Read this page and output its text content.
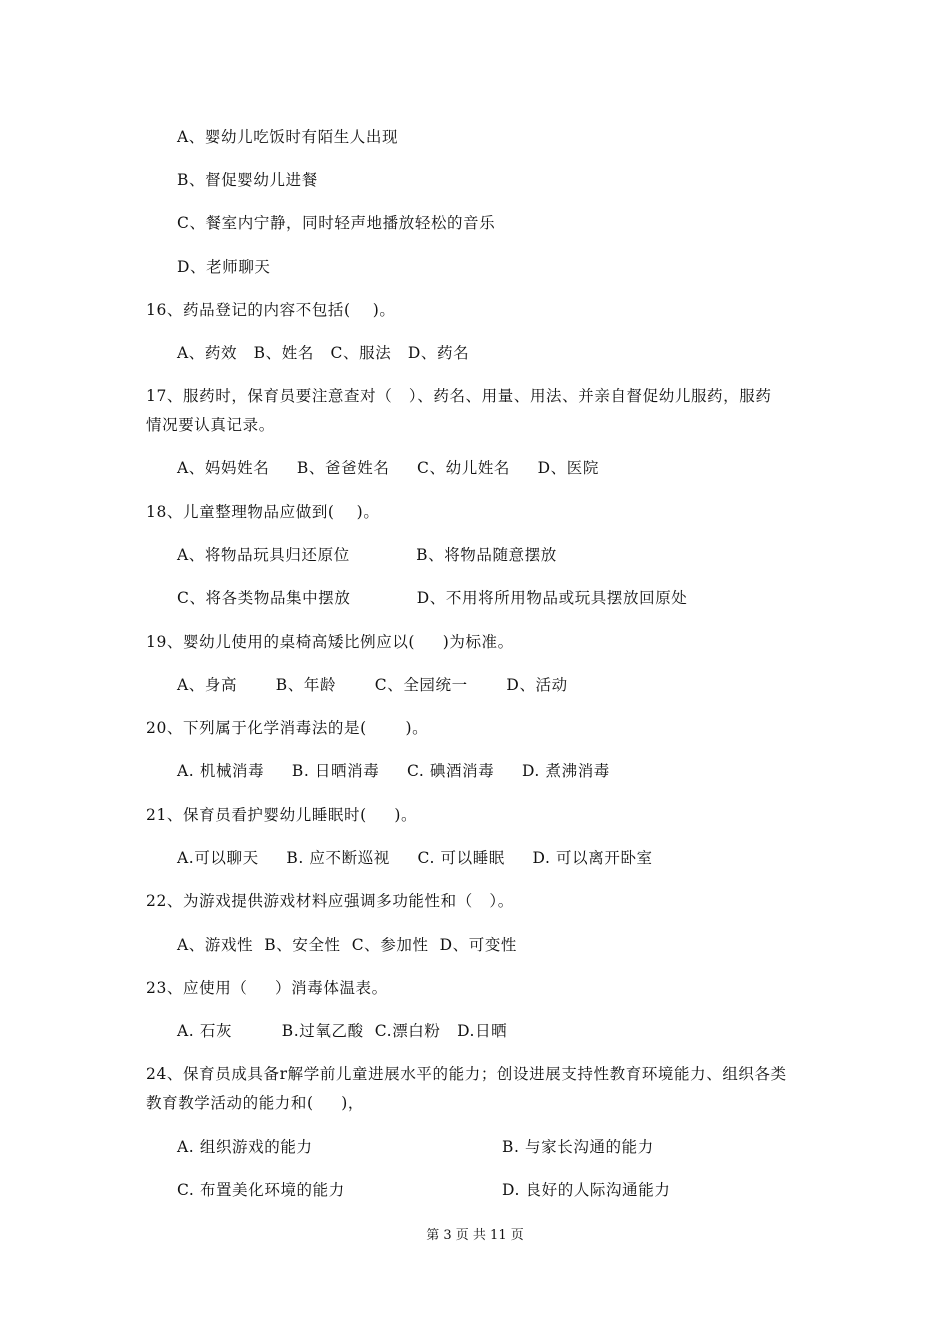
A、婴幼儿吃饭时有陌生人出现

B、督促婴幼儿进餐

C、餐室内宁静，同时轻声地播放轻松的音乐

D、老师聊天

16、药品登记的内容不包括(    )。

A、药效   B、姓名   C、服法   D、药名

17、服药时，保育员要注意查对（   ）、药名、用量、用法、并亲自督促幼儿服药，服药

情况要认真记录。

A、妈妈姓名     B、爸爸姓名     C、幼儿姓名     D、医院

18、儿童整理物品应做到(    )。

A、将物品玩具归还原位            B、将物品随意摆放

C、将各类物品集中摆放            D、不用将所用物品或玩具摆放回原处

19、婴幼儿使用的桌椅高矮比例应以(     )为标准。

A、身高       B、年龄       C、全园统一       D、活动

20、下列属于化学消毒法的是(       )。

A. 机械消毒     B. 日晒消毒     C. 碘酒消毒     D. 煮沸消毒

21、保育员看护婴幼儿睡眠时(     )。

A.可以聊天     B. 应不断巡视     C. 可以睡眠     D. 可以离开卧室

22、为游戏提供游戏材料应强调多功能性和（   ）。

A、游戏性  B、安全性  C、参加性  D、可变性

23、应使用（     ）消毒体温表。

A. 石灰         B.过氧乙酸  C.漂白粉   D.日晒

24、保育员成具备r解学前儿童进展水平的能力；创设进展支持性教育环境能力、组织各类

教育教学活动的能力和(     )，

A. 组织游戏的能力	B. 与家长沟通的能力

C. 布置美化环境的能力	D. 良好的人际沟通能力

第 3 页 共 11 页
